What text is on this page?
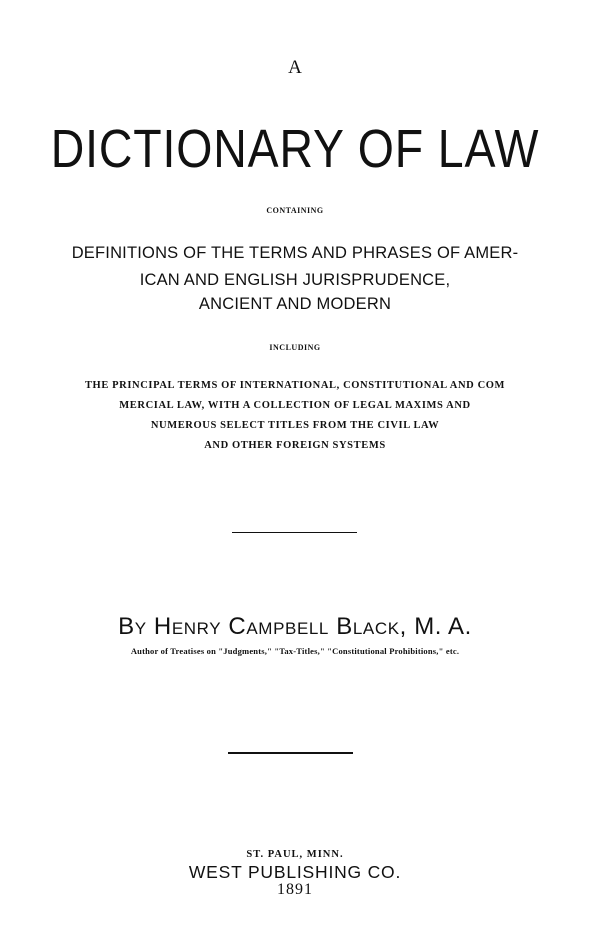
A
DICTIONARY OF LAW
CONTAINING
DEFINITIONS OF THE TERMS AND PHRASES OF AMER-
ICAN AND ENGLISH JURISPRUDENCE,
ANCIENT AND MODERN
INCLUDING
THE PRINCIPAL TERMS OF INTERNATIONAL, CONSTITUTIONAL AND COM
MERCIAL LAW, WITH A COLLECTION OF LEGAL MAXIMS AND
NUMEROUS SELECT TITLES FROM THE CIVIL LAW
AND OTHER FOREIGN SYSTEMS
By Henry Campbell Black, M. A.
Author of Treatises on "Judgments," "Tax-Titles," "Constitutional Prohibitions," etc.
ST. PAUL, MINN.
WEST PUBLISHING CO.
1891
